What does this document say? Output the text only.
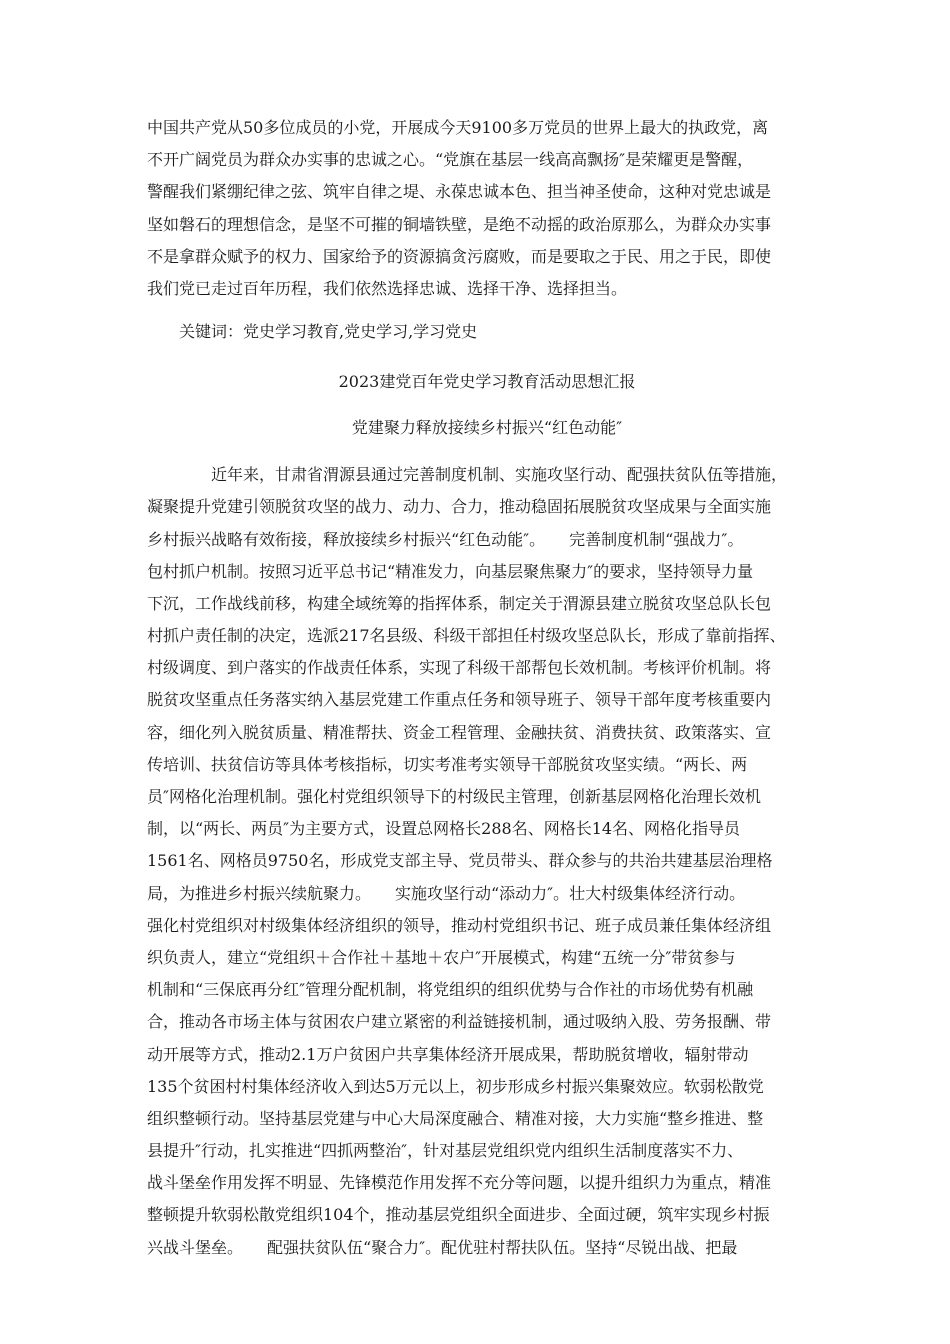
中国共产党从50多位成员的小党，开展成今天9100多万党员的世界上最大的执政党，离
不开广阔党员为群众办实事的忠诚之心。“党旗在基层一线高高飘扬″是荣耀更是警醒，
警醒我们紧绷纪律之弦、筑牢自律之堤、永葆忠诚本色、担当神圣使命，这种对党忠诚是
坚如磐石的理想信念，是坚不可摧的铜墙铁壁，是绝不动摇的政治原那么，为群众办实事
不是拿群众赋予的权力、国家给予的资源搞贪污腐败，而是要取之于民、用之于民，即使
我们党已走过百年历程，我们依然选择忠诚、选择干净、选择担当。

关键词：党史学习教育,党史学习,学习党史

2023建党百年党史学习教育活动思想汇报

党建聚力释放接续乡村振兴“红色动能″

近年来，甘肃省渭源县通过完善制度机制、实施攻坚行动、配强扶贫队伍等措施，
凝聚提升党建引领脱贫攻坚的战力、动力、合力，推动稳固拓展脱贫攻坚成果与全面实施
乡村振兴战略有效衔接，释放接续乡村振兴“红色动能″。　　完善制度机制“强战力″。
包村抓户机制。按照习近平总书记“精准发力，向基层聚焦聚力″的要求，坚持领导力量
下沉，工作战线前移，构建全域统筹的指挥体系，制定关于渭源县建立脱贫攻坚总队长包
村抓户责任制的决定，选派217名县级、科级干部担任村级攻坚总队长，形成了靠前指挥、
村级调度、到户落实的作战责任体系，实现了科级干部帮包长效机制。考核评价机制。将
脱贫攻坚重点任务落实纳入基层党建工作重点任务和领导班子、领导干部年度考核重要内
容，细化列入脱贫质量、精准帮扶、资金工程管理、金融扶贫、消费扶贫、政策落实、宣
传培训、扶贫信访等具体考核指标，切实考准考实领导干部脱贫攻坚实绩。“两长、两
员″网格化治理机制。强化村党组织领导下的村级民主管理，创新基层网格化治理长效机
制，以“两长、两员″为主要方式，设置总网格长288名、网格长14名、网格化指导员
1561名、网格员9750名，形成党支部主导、党员带头、群众参与的共治共建基层治理格
局，为推进乡村振兴续航聚力。　　实施攻坚行动“添动力″。壮大村级集体经济行动。
强化村党组织对村级集体经济组织的领导，推动村党组织书记、班子成员兼任集体经济组
织负责人，建立“党组织＋合作社＋基地＋农户″开展模式，构建“五统一分″带贫参与
机制和“三保底再分红″管理分配机制，将党组织的组织优势与合作社的市场优势有机融
合，推动各市场主体与贫困农户建立紧密的利益链接机制，通过吸纳入股、劳务报酬、带
动开展等方式，推动2.1万户贫困户共享集体经济开展成果，帮助脱贫增收，辐射带动
135个贫困村村集体经济收入到达5万元以上，初步形成乡村振兴集聚效应。软弱松散党
组织整顿行动。坚持基层党建与中心大局深度融合、精准对接，大力实施“整乡推进、整
县提升″行动，扎实推进“四抓两整治″，针对基层党组织党内组织生活制度落实不力、
战斗堡垒作用发挥不明显、先锋模范作用发挥不充分等问题，以提升组织力为重点，精准
整顿提升软弱松散党组织104个，推动基层党组织全面进步、全面过硬，筑牢实现乡村振
兴战斗堡垒。　　配强扶贫队伍“聚合力″。配优驻村帮扶队伍。坚持“尽锐出战、把最
